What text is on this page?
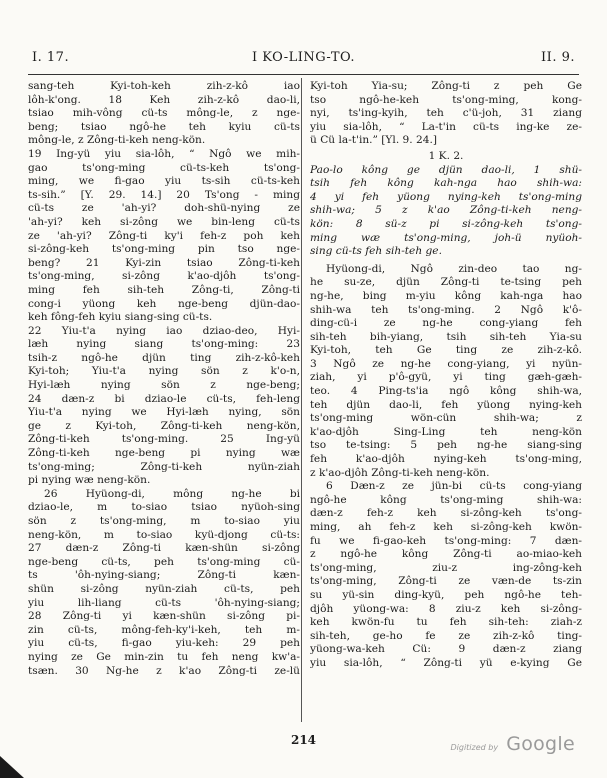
I. 17.	I KO-LING-TO.	II. 9.
sang-teh Kyi-toh-keh zih-z-kô iao
lôh-k'ong. 18 Keh zih-z-kô dao-li,
tsiao mih-vông cü-ts mông-le, z nge-
beng; tsiao ngô-he teh kyiu cü-ts
mông-le, z Zông-ti-keh neng-kön.
19 Ing-yü yiu sia-lôh, “ Ngô we mih-
gao ts'ong-ming cü-ts-keh ts'ong-
ming, we fi-gao yiu ts-sih cü-ts-keh
ts-sih.” [Y. 29. 14.] 20 Ts'ong - ming
cü-ts ze 'ah-yi? doh-shü-nying ze
'ah-yi? keh si-zông we bin-leng cü-ts
ze 'ah-yi? Zông-ti ky'i feh-z poh keh
si-zông-keh ts'ong-ming pin tso nge-
beng? 21 Kyi-zin tsiao Zông-ti-keh
ts'ong-ming, si-zông k'ao-djôh ts'ong-
ming feh sih-teh Zông-ti, Zông-ti
cong-i yüong keh nge-beng djün-dao-
keh fông-feh kyiu siang-sing cü-ts.
22 Yiu-t'a nying iao dziao-deo, Hyi-
læh nying siang ts'ong-ming: 23
tsih-z ngô-he djün ting zih-z-kô-keh
Kyi-toh; Yiu-t'a nying sön z k'o-n,
Hyi-læh nying sön z nge-beng;
24 dæn-z bi dziao-le cü-ts, feh-leng
Yiu-t'a nying we Hyi-læh nying, sön
ge z Kyi-toh, Zông-ti-keh neng-kön,
Zông-ti-keh ts'ong-ming. 25 Ing-yü
Zông-ti-keh nge-beng pi nying wæ
ts'ong-ming; Zông-ti-keh nyün-ziah
pi nying wæ neng-kön.
26 Hyüong-di, mông ng-he bi
dziao-le, m to-siao tsiao nyüoh-sing
sön z ts'ong-ming, m to-siao yiu
neng-kön, m to-siao kyü-djong cü-ts:
27 dæn-z Zông-ti kæn-shün si-zông
nge-beng cü-ts, peh ts'ong-ming cü-
ts 'ôh-nying-siang; Zông-ti kæn-
shün si-zông nyün-ziah cü-ts, peh
yiu lih-liang cü-ts 'ôh-nying-siang;
28 Zông-ti yi kæn-shün si-zông pi-
zin cü-ts, mông-feh-ky'i-keh, teh m-
yiu cü-ts, fi-gao yiu-keh: 29 peh
nying ze Ge min-zin tu feh neng kw'a-
tsæn. 30 Ng-he z k'ao Zông-ti ze-lü
Kyi-toh Yia-su; Zông-ti z peh Ge
tso ngô-he-keh ts'ong-ming, kong-
nyi, ts'ing-kyih, teh c'ü-joh, 31 ziang
yiu sia-lôh, “ La-t'in cü-ts ing-ke ze-
ü Cü la-t'in.” [Yl. 9. 24.]
1 K. 2.
Pao-lo kông ge djün dao-li, 1 shü-
tsih feh kông kah-nga hao shih-wa:
4 yi feh yüong nying-keh ts'ong-ming
shih-wa; 5 z k'ao Zông-ti-keh neng-
kön: 8 sü-z pi si-zông-keh ts'ong-
ming wæ ts'ong-ming, joh-ü nyüoh-
sing cü-ts feh sih-teh ge.
Hyüong-di, Ngô zin-deo tao ng-
he su-ze, djün Zông-ti te-tsing peh
ng-he, bing m-yiu kông kah-nga hao
shih-wa teh ts'ong-ming. 2 Ngô k'ô-
ding-cü-i ze ng-he cong-yiang feh
sih-teh bih-yiang, tsih sih-teh Yia-su
Kyi-toh, teh Ge ting ze zih-z-kô.
3 Ngô ze ng-he cong-yiang, yi nyün-
ziah, yi p'ô-gyü, yi ting gæh-gæh-
teo. 4 Ping-ts'ia ngô kông shih-wa,
teh djün dao-li, feh yüong nying-keh
ts'ong-ming wön-cün shih-wa; z
k'ao-djôh Sing-Ling teh neng-kön
tso te-tsing: 5 peh ng-he siang-sing
feh k'ao-djôh nying-keh ts'ong-ming,
z k'ao-djôh Zông-ti-keh neng-kön.
6 Dæn-z ze jün-bi cü-ts cong-yiang
ngô-he kông ts'ong-ming shih-wa:
dæn-z feh-z keh si-zông-keh ts'ong-
ming, ah feh-z keh si-zông-keh kwön-
fu we fi-gao-keh ts'ong-ming: 7 dæn-
z ngô-he kông Zông-ti ao-miao-keh
ts'ong-ming, ziu-z ing-zông-keh
ts'ong-ming, Zông-ti ze væn-de ts-zin
su yü-sin ding-kyü, peh ngô-he teh-
djôh yüong-wa: 8 ziu-z keh si-zông-
keh kwön-fu tu feh sih-teh: ziah-z
sih-teh, ge-ho fe ze zih-z-kô ting-
yüong-wa-keh Cü: 9 dæn-z ziang
yiu sia-lôh, “ Zông-ti yü e-kying Ge
214
Digitized by Google
